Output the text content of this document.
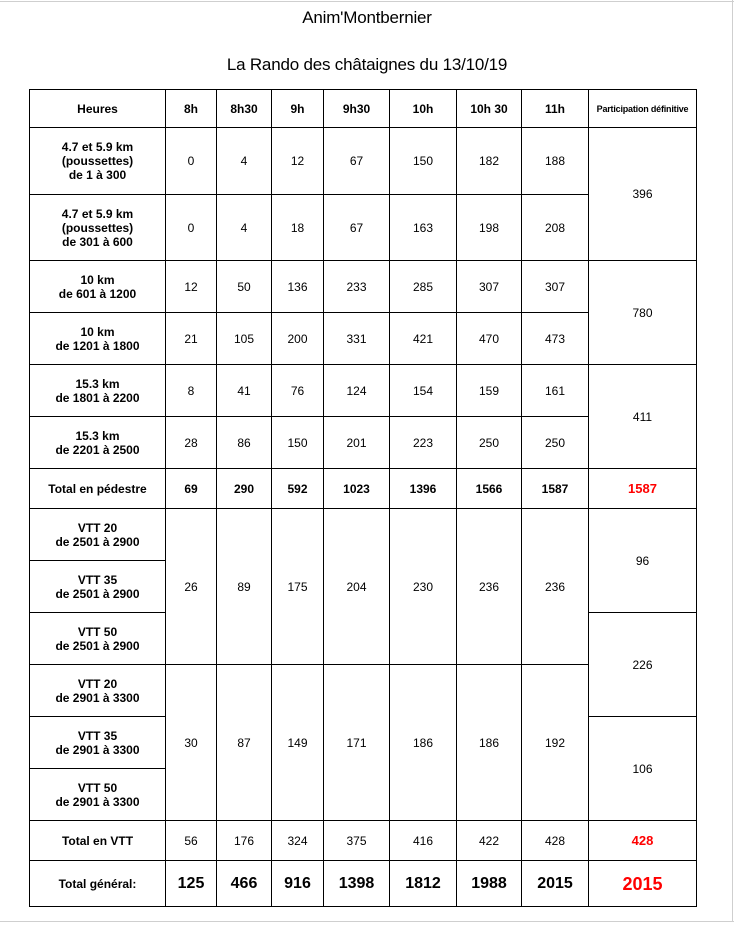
Anim'Montbernier
La Rando des châtaignes du 13/10/19
Heures	8h	8h30	9h	9h30	10h	10h 30	11h	Participation définitive
4.7 et 5.9 km
(poussettes)
de 1 à 300	0	4	12	67	150	182	188	396
4.7 et 5.9 km
(poussettes)
de 301 à 600	0	4	18	67	163	198	208	
10 km
de 601 à 1200	12	50	136	233	285	307	307	780
10 km
de 1201 à 1800	21	105	200	331	421	470	473	
15.3 km
de 1801 à 2200	8	41	76	124	154	159	161	411
15.3 km
de 2201 à 2500	28	86	150	201	223	250	250	
Total en pédestre	69	290	592	1023	1396	1566	1587	1587
VTT 20
de 2501 à 2900	26	89	175	204	230	236	236	96
VTT 35
de 2501 à 2900								
VTT 50
de 2501 à 2900								226
VTT 20
de 2901 à 3300	30	87	149	171	186	186	192	
VTT 35
de 2901 à 3300								106
VTT 50
de 2901 à 3300								
Total en VTT	56	176	324	375	416	422	428	428
Total général:	125	466	916	1398	1812	1988	2015	2015
